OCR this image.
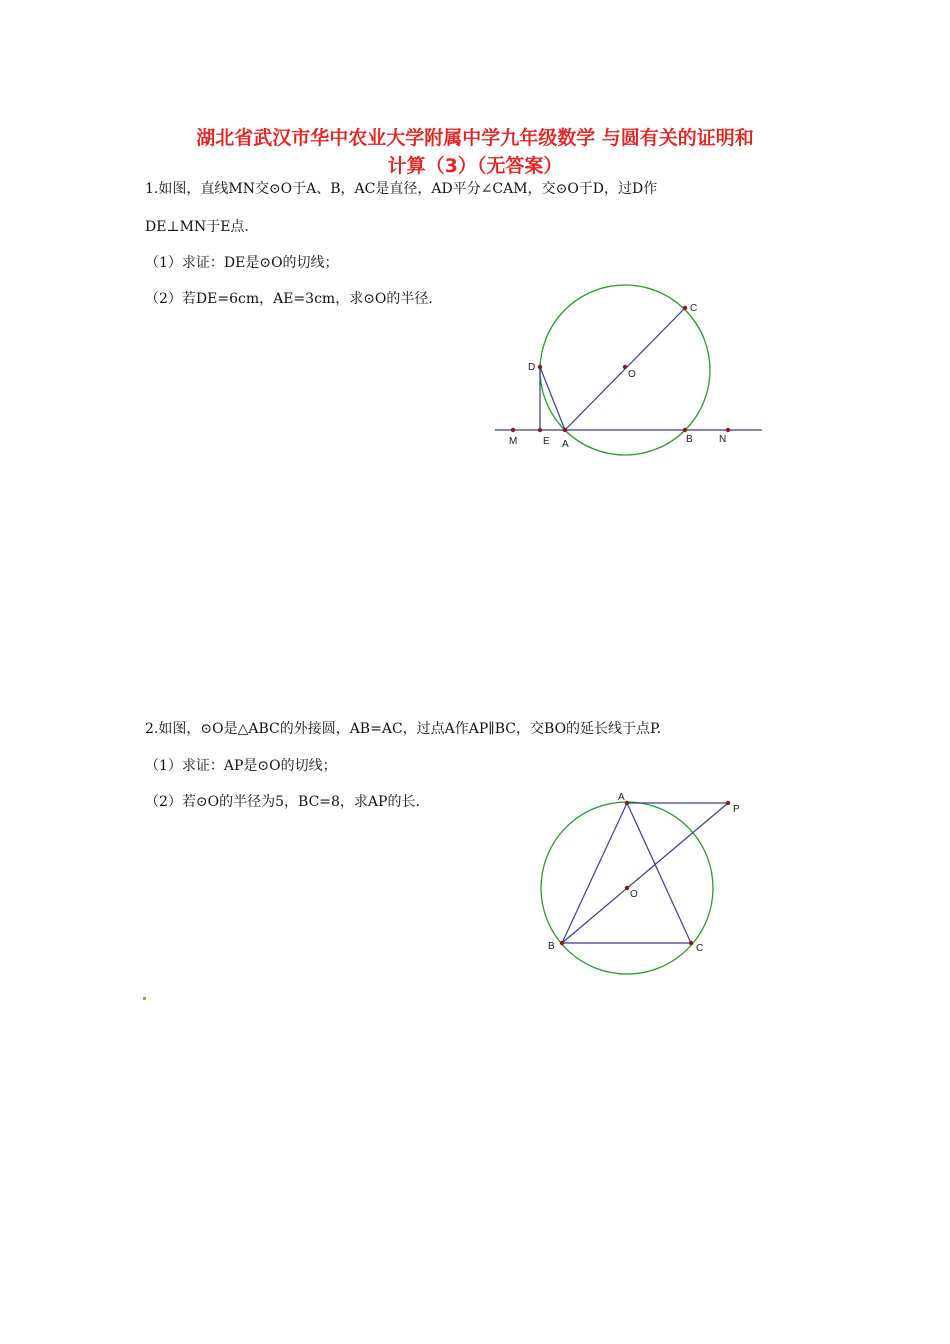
湖北省武汉市华中农业大学附属中学九年级数学 与圆有关的证明和
计算（3）（无答案）
1.如图，直线MN交⊙O于A、B，AC是直径，AD平分∠CAM，交⊙O于D，过D作
DE⊥MN于E点.
（1）求证：DE是⊙O的切线；
（2）若DE=6cm，AE=3cm，求⊙O的半径.
C
O
D
M	E A	B	N
2.如图，⊙O是△ABC的外接圆，AB=AC，过点A作AP∥BC，交BO的延长线于点P.
（1）求证：AP是⊙O的切线；
（2）若⊙O的半径为5，BC=8，求AP的长.	A
P
O
B	C
